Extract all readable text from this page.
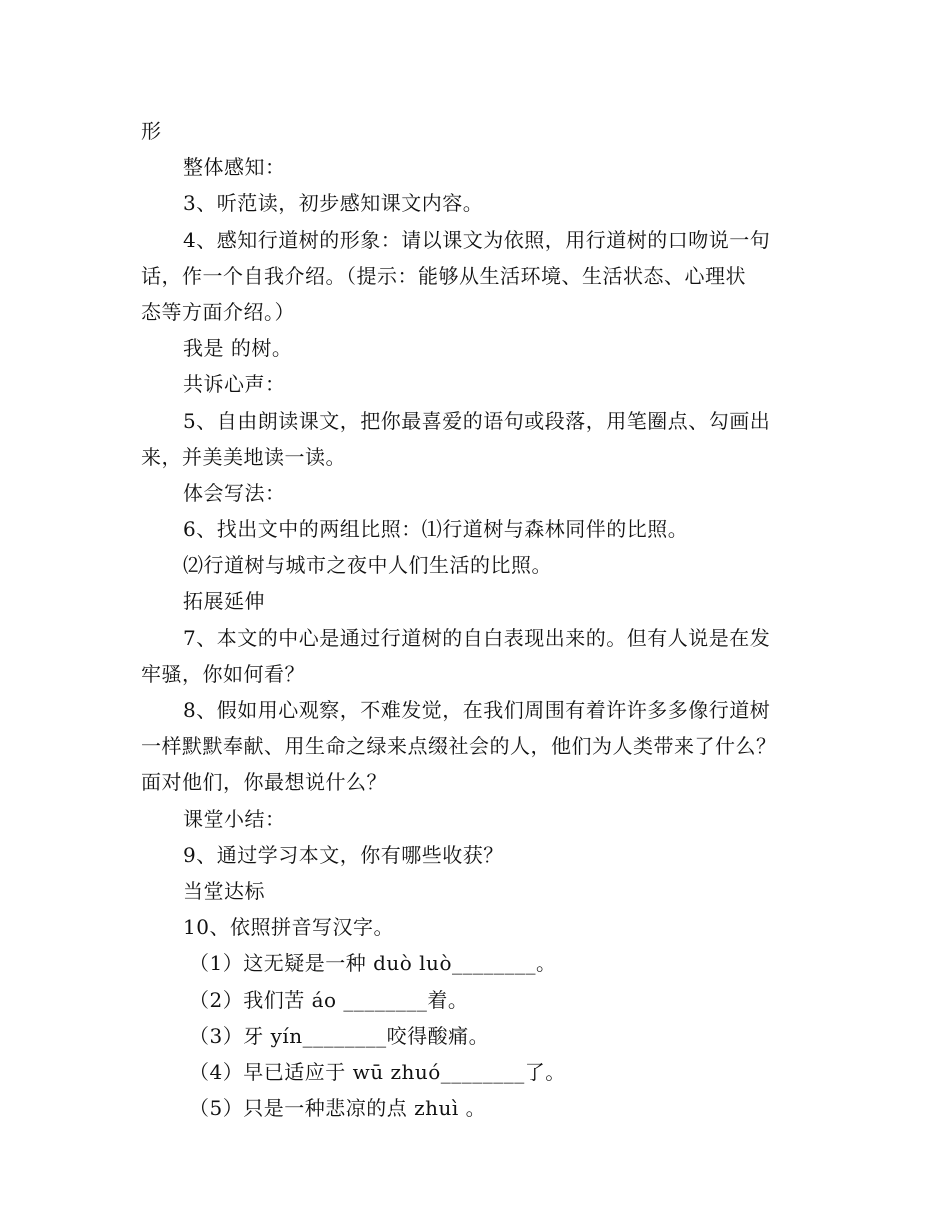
形
整体感知：
3、听范读，初步感知课文内容。
4、感知行道树的形象：请以课文为依照，用行道树的口吻说一句
话，作一个自我介绍。（提示：能够从生活环境、生活状态、心理状
态等方面介绍。）
我是 的树。
共诉心声：
5、自由朗读课文，把你最喜爱的语句或段落，用笔圈点、勾画出
来，并美美地读一读。
体会写法：
6、找出文中的两组比照：⑴行道树与森林同伴的比照。
⑵行道树与城市之夜中人们生活的比照。
拓展延伸
7、本文的中心是通过行道树的自白表现出来的。但有人说是在发
牢骚，你如何看？
8、假如用心观察，不难发觉，在我们周围有着许许多多像行道树
一样默默奉献、用生命之绿来点缀社会的人，他们为人类带来了什么？
面对他们，你最想说什么？
课堂小结：
9、通过学习本文，你有哪些收获？
当堂达标
10、依照拼音写汉字。
（1）这无疑是一种 duò luò________。
（2）我们苦 áo ________着。
（3）牙 yín________咬得酸痛。
（4）早已适应于 wū zhuó________了。
（5）只是一种悲凉的点 zhuì 。
